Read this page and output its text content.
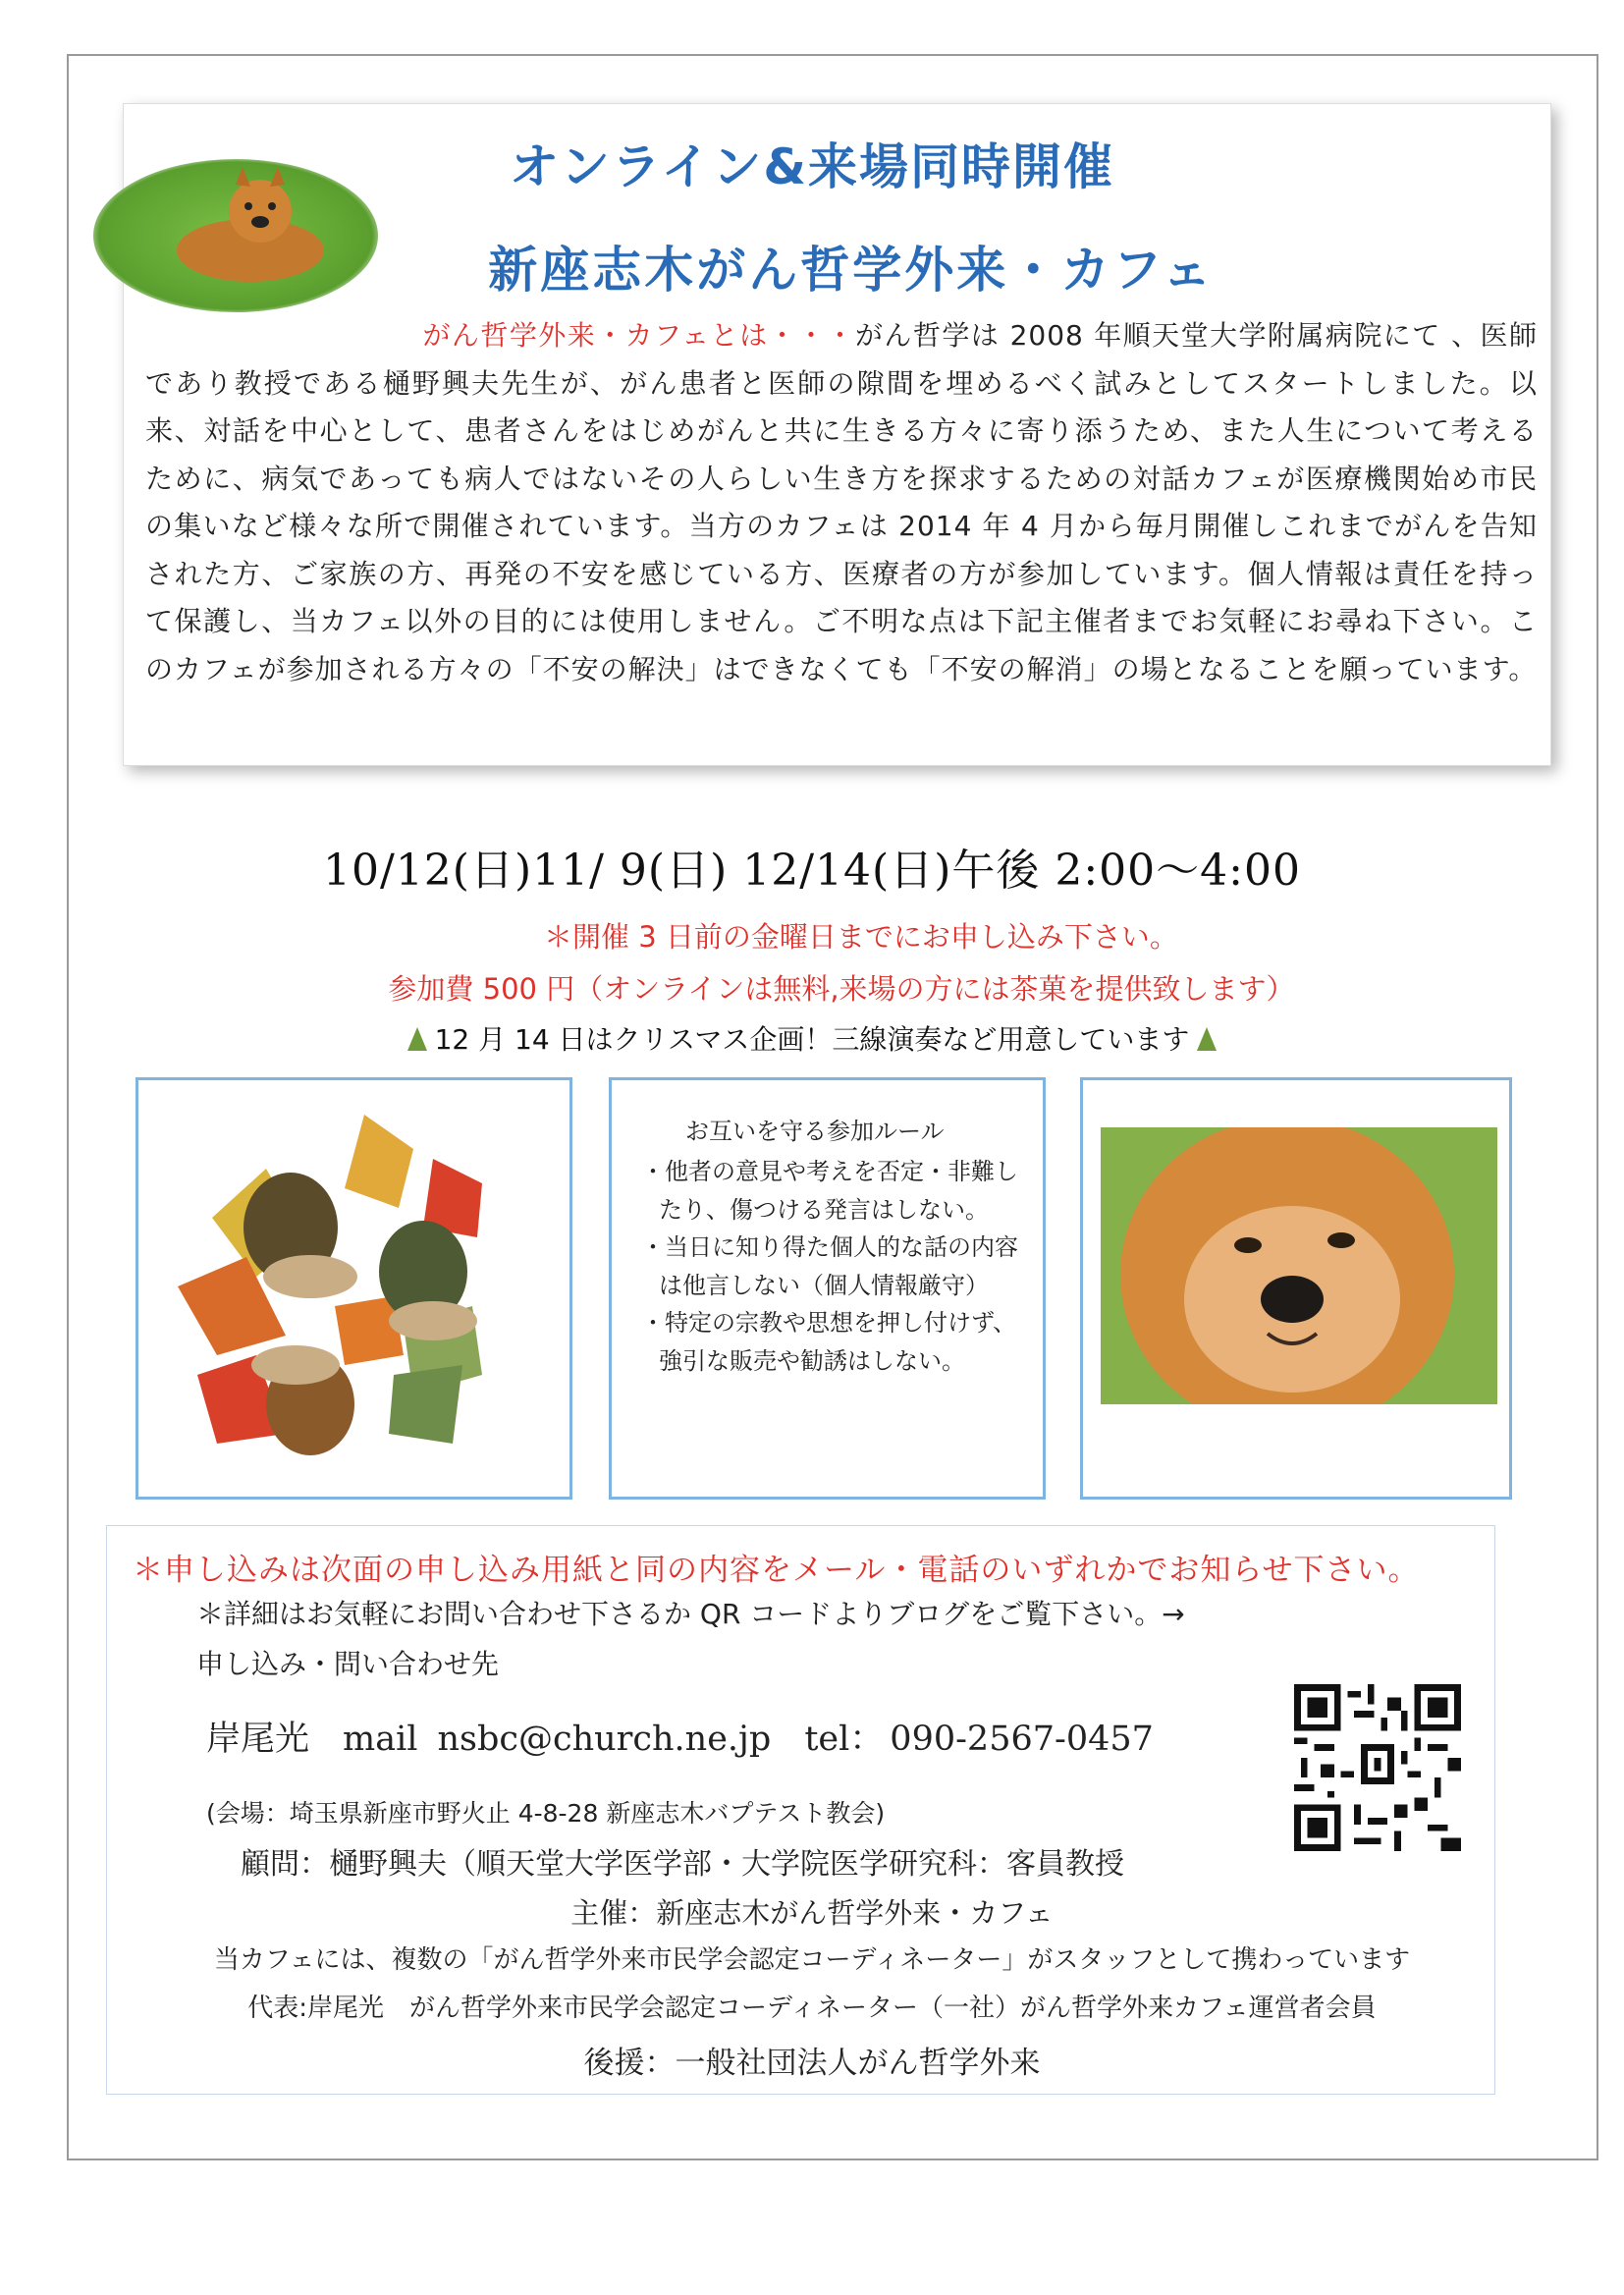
オンライン&来場同時開催
新座志木がん哲学外来・カフェ
がん哲学外来・カフェとは・・・がん哲学は 2008 年順天堂大学附属病院にて 、医師であり教授である樋野興夫先生が、がん患者と医師の隙間を埋めるべく試みとしてスタートしました。以来、対話を中心として、患者さんをはじめがんと共に生きる方々に寄り添うため、また人生について考えるために、病気であっても病人ではないその人らしい生き方を探求するための対話カフェが医療機関始め市民の集いなど様々な所で開催されています。当方のカフェは 2014 年 4 月から毎月開催しこれまでがんを告知された方、ご家族の方、再発の不安を感じている方、医療者の方が参加しています。個人情報は責任を持って保護し、当カフェ以外の目的には使用しません。ご不明な点は下記主催者までお気軽にお尋ね下さい。このカフェが参加される方々の「不安の解決」はできなくても「不安の解消」の場となることを願っています。
10/12(日)11/ 9(日) 12/14(日)午後 2:00～4:00
＊開催 3 日前の金曜日までにお申し込み下さい。
参加費 500 円（オンラインは無料,来場の方には茶菓を提供致します）
12 月 14 日はクリスマス企画！三線演奏など用意しています
お互いを守る参加ルール
・他者の意見や考えを否定・非難したり、傷つける発言はしない。
・当日に知り得た個人的な話の内容は他言しない（個人情報厳守）
・特定の宗教や思想を押し付けず、強引な販売や勧誘はしない。
＊申し込みは次面の申し込み用紙と同の内容をメール・電話のいずれかでお知らせ下さい。
＊詳細はお気軽にお問い合わせ下さるか QR コードよりブログをご覧下さい。→
申し込み・問い合わせ先
岸尾光 mail nsbc@church.ne.jp tel： 090-2567-0457
(会場：埼玉県新座市野火止 4-8-28 新座志木バプテスト教会)
顧問：樋野興夫（順天堂大学医学部・大学院医学研究科：客員教授
主催：新座志木がん哲学外来・カフェ
当カフェには、複数の「がん哲学外来市民学会認定コーディネーター」がスタッフとして携わっています
代表:岸尾光　がん哲学外来市民学会認定コーディネーター（一社）がん哲学外来カフェ運営者会員
後援：一般社団法人がん哲学外来
